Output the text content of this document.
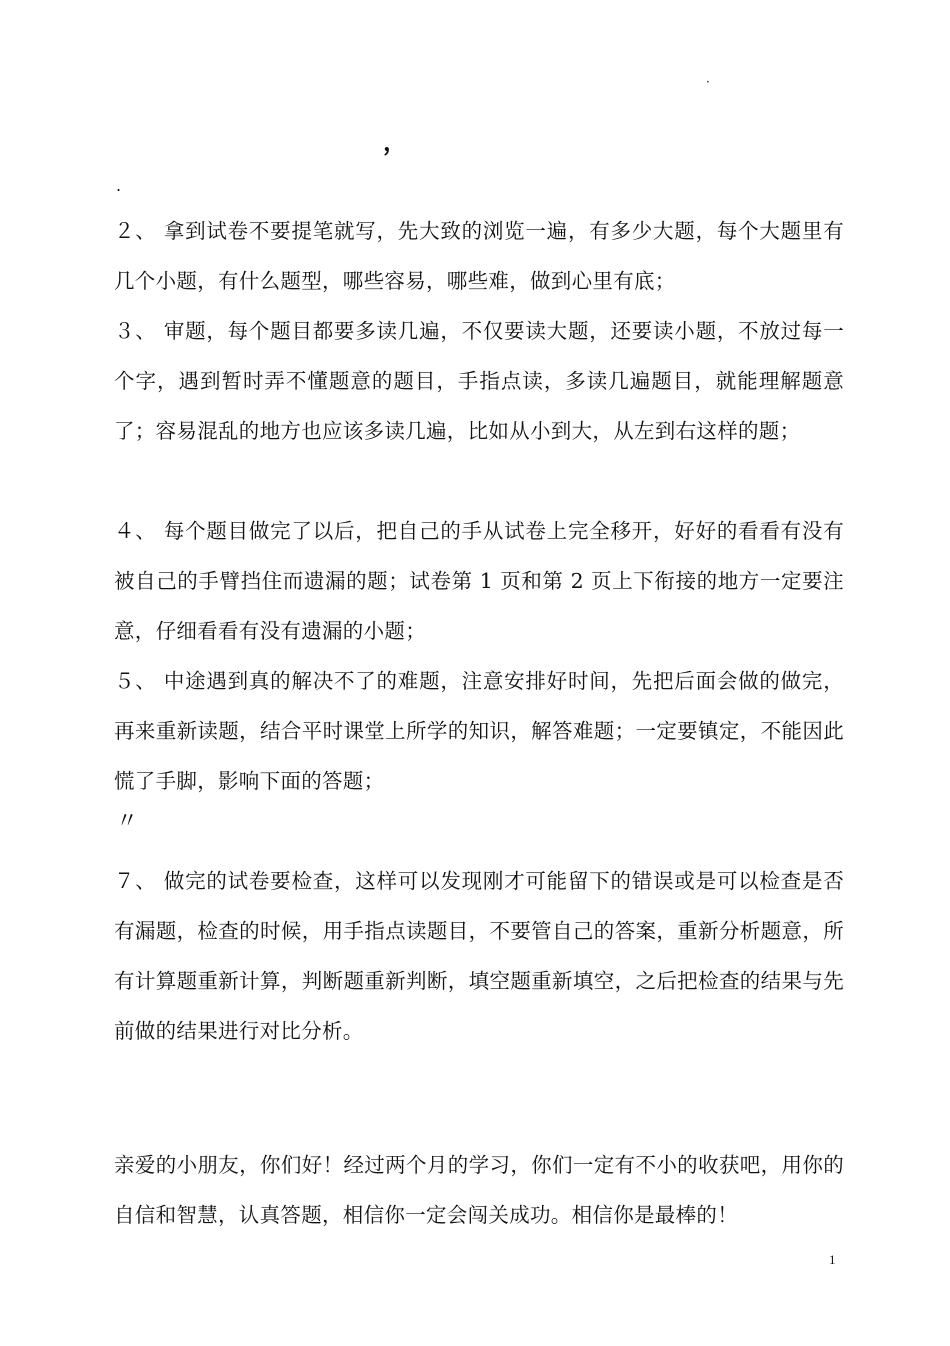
·
，
.

２、 拿到试卷不要提笔就写，先大致的浏览一遍，有多少大题，每个大题里有几个小题，有什么题型，哪些容易，哪些难，做到心里有底；

３、 审题，每个题目都要多读几遍，不仅要读大题，还要读小题，不放过每一个字，遇到暂时弄不懂题意的题目，手指点读，多读几遍题目，就能理解题意了；容易混乱的地方也应该多读几遍，比如从小到大，从左到右这样的题；

４、 每个题目做完了以后，把自己的手从试卷上完全移开，好好的看看有没有被自己的手臂挡住而遗漏的题；试卷第 1 页和第 2 页上下衔接的地方一定要注意，仔细看看有没有遗漏的小题；

５、 中途遇到真的解决不了的难题，注意安排好时间，先把后面会做的做完，再来重新读题，结合平时课堂上所学的知识，解答难题；一定要镇定，不能因此慌了手脚，影响下面的答题；

〃

７、 做完的试卷要检查，这样可以发现刚才可能留下的错误或是可以检查是否有漏题，检查的时候，用手指点读题目，不要管自己的答案，重新分析题意，所有计算题重新计算，判断题重新判断，填空题重新填空，之后把检查的结果与先前做的结果进行对比分析。

亲爱的小朋友，你们好！经过两个月的学习，你们一定有不小的收获吧，用你的自信和智慧，认真答题，相信你一定会闯关成功。相信你是最棒的！

1
